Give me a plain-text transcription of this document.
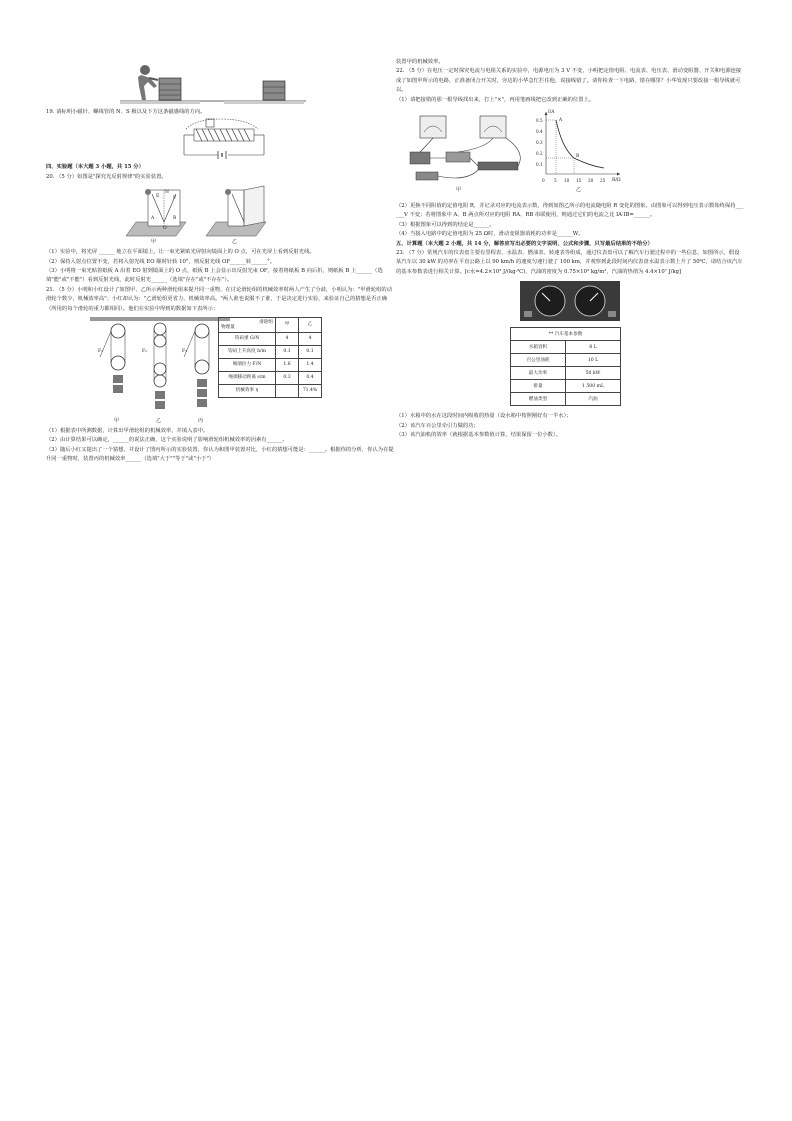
19. 请标明小磁针、螺线管的 N、S 极以及下方这条磁感线的方向。

四、实验题（本大题 3 小题，共 15 分）

20. （5 分）如图是"探究光反射规律"的实验装置。

E
N
F
O
A	B
甲	乙

（1）实验中，将光屏 ______ 地立在平面镜上，让一束光紧贴光屏射向镜面上的 O 点，可在光屏上看到反射光线。

（2）保持入射点位置不变，若将入射光线 EO 顺时针转 10°，则反射光线 OF______转______°。

（3）小明将一束光贴着纸板 A 沿着 EO 射到镜面上的 O 点，纸板 B 上会显示出反射光束 OF，接着将纸板 B 向后折，则纸板 B 上______（选填"能"或"不能"）看到反射光线，此时反射光______（选填"存在"或"不存在"）。

21. （5 分）小明和小红设计了如图甲、乙所示两种滑轮组来提升同一重物，在讨论滑轮组的机械效率时两人产生了分歧，小明认为："甲滑轮组的动滑轮个数少，机械效率高"；小红却认为："乙滑轮组更省力，机械效率高。"两人谁也说服不了谁，于是决定进行实验，来验证自己的猜想是否正确（所用的每个滑轮的重力都相同）。他们在实验中得到的数据如下表所示：

F₁	F₂	F₃
甲	乙	丙
滑轮组
物理量	甲	乙
钩码重 G/N	4	4
钩码上升高度 h/m	0.1	0.1
绳端拉力 F/N	1.6	1.4
绳端移动距离 s/m	0.3	0.4
机械效率 η		71.4%

（1）根据表中所测数据，计算出甲滑轮组的机械效率，并填入表中。

（2）由计算结果可以确定，______的说法正确，这个实验说明了影响滑轮组机械效率的因素有______。

（3）随后小红又提出了一个猜想，并设计了图丙所示的实验装置，你认为和图甲装置对比，小红的猜想可能是：______。根据你的分析，你认为在提升同一重物时，装置丙的机械效率______（选填"大于""等于"或"小于"）

装置甲的机械效率。

22. （5 分）在电压一定时探究电流与电阻关系的实验中，电源电压为 3 V 不变，小明把定值电阻、电流表、电压表、滑动变阻器、开关和电源连接成了如图甲所示的电路，正准备闭合开关时，旁边的小华急忙拦住他，说接线错了。请你检查一下电路，错在哪里？小华发现只要改接一根导线就可以。

（1）请把接错的那一根导线找出来，打上"×"，再用笔画线把它改到正确的位置上。

甲
I/A
R/Ω
0.5
0.4
0.3
0.2
0.1
0 5 10 15 20 25
A
B
乙

（2）更换不同阻值的定值电阻 R，并记录对应的电流表示数，得到如图乙所示的电流随电阻 R 变化的图象。由图象可以得到电压表示数始终保持______V 不变；若将图象中 A、B 两点所对应的电阻 RA、RB 串联使用，则通过它们的电流之比 IA∶IB=______。

（3）根据图象可以得到的结论是______。

（4）当接入电路中的定值电阻为 25 Ω时，滑动变阻器消耗的功率是______W。

五、计算题（本大题 2 小题，共 14 分，解答应写出必要的文字说明、公式和步骤，只写最后结果的不给分）

23. （7 分）常规汽车的仪表盘主要有里程表、水温表、燃油表、转速表等组成，通过仪表盘可以了解汽车行驶过程中的一些信息，如图所示，假设某汽车以 30 kW 的功率在平直公路上以 90 km/h 的速度匀速行驶了 100 km，并观察到此段时间内仪表盘水温表示数上升了 50℃，请结合该汽车的基本参数表进行相关计算。[c水=4.2×10³ J/(kg·℃)，汽油的密度为 0.75×10³ kg/m³，汽油的热值为 4.4×10⁷ J/kg]

** 汽车基本参数	
水箱容积	8 L
百公里油耗	10 L
最大功率	50 kW
排量	1 500 mL
燃油类型	汽油

（1）水箱中的水在这段时间内吸收的热量（设水箱中按照刚好有一半水）；

（2）该汽车百公里牵引力做的功；

（3）该汽油机的效率（就根据基本参数值计算，结果保留一位小数）。
